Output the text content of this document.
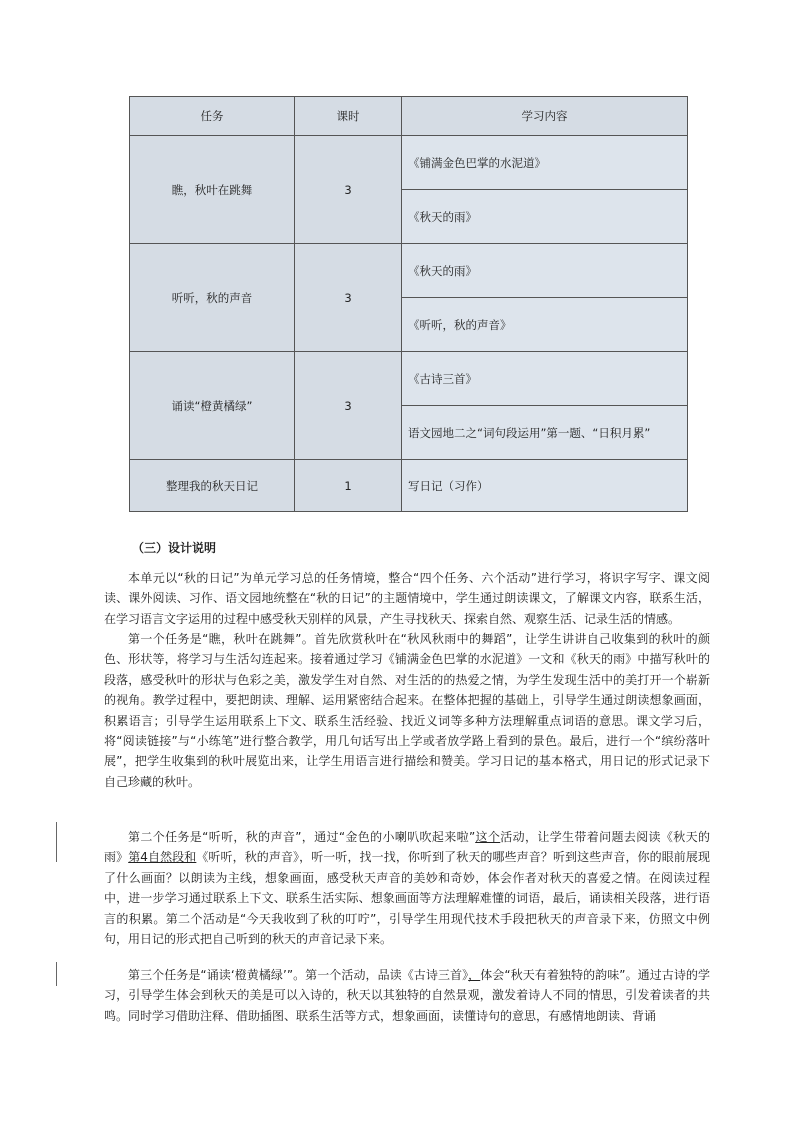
任务	课时	学习内容
瞧，秋叶在跳舞	3	《铺满金色巴掌的水泥道》
		《秋天的雨》
听听，秋的声音	3	《秋天的雨》
		《听听，秋的声音》
诵读“橙黄橘绿”	3	《古诗三首》
		语文园地二之“词句段运用”第一题、“日积月累”
整理我的秋天日记	1	写日记（习作）
（三）设计说明

本单元以“秋的日记”为单元学习总的任务情境，整合“四个任务、六个活动”进行学习，将识字写字、课文阅读、课外阅读、习作、语文园地统整在“秋的日记”的主题情境中，学生通过朗读课文，了解课文内容，联系生活，在学习语言文字运用的过程中感受秋天别样的风景，产生寻找秋天、探索自然、观察生活、记录生活的情感。

第一个任务是“瞧，秋叶在跳舞”。首先欣赏秋叶在“秋风秋雨中的舞蹈”，让学生讲讲自己收集到的秋叶的颜色、形状等，将学习与生活勾连起来。接着通过学习《铺满金色巴掌的水泥道》一文和《秋天的雨》中描写秋叶的段落，感受秋叶的形状与色彩之美，激发学生对自然、对生活的的热爱之情，为学生发现生活中的美打开一个崭新的视角。教学过程中，要把朗读、理解、运用紧密结合起来。在整体把握的基础上，引导学生通过朗读想象画面，积累语言；引导学生运用联系上下文、联系生活经验、找近义词等多种方法理解重点词语的意思。课文学习后，将“阅读链接”与“小练笔”进行整合教学，用几句话写出上学或者放学路上看到的景色。最后，进行一个“缤纷落叶展”，把学生收集到的秋叶展览出来，让学生用语言进行描绘和赞美。学习日记的基本格式，用日记的形式记录下自己珍藏的秋叶。

第二个任务是“听听，秋的声音”，通过“金色的小喇叭吹起来啦”这个活动，让学生带着问题去阅读《秋天的雨》第4自然段和《听听，秋的声音》，听一听，找一找，你听到了秋天的哪些声音？听到这些声音，你的眼前展现了什么画面？以朗读为主线，想象画面，感受秋天声音的美妙和奇妙，体会作者对秋天的喜爱之情。在阅读过程中，进一步学习通过联系上下文、联系生活实际、想象画面等方法理解难懂的词语，最后，诵读相关段落，进行语言的积累。第二个活动是“今天我收到了秋的叮咛”，引导学生用现代技术手段把秋天的声音录下来，仿照文中例句，用日记的形式把自己听到的秋天的声音记录下来。

第三个任务是“诵读‘橙黄橘绿’”。第一个活动，品读《古诗三首》，体会“秋天有着独特的韵味”。通过古诗的学习，引导学生体会到秋天的美是可以入诗的，秋天以其独特的自然景观，激发着诗人不同的情思，引发着读者的共鸣。同时学习借助注释、借助插图、联系生活等方式，想象画面，读懂诗句的意思，有感情地朗读、背诵
